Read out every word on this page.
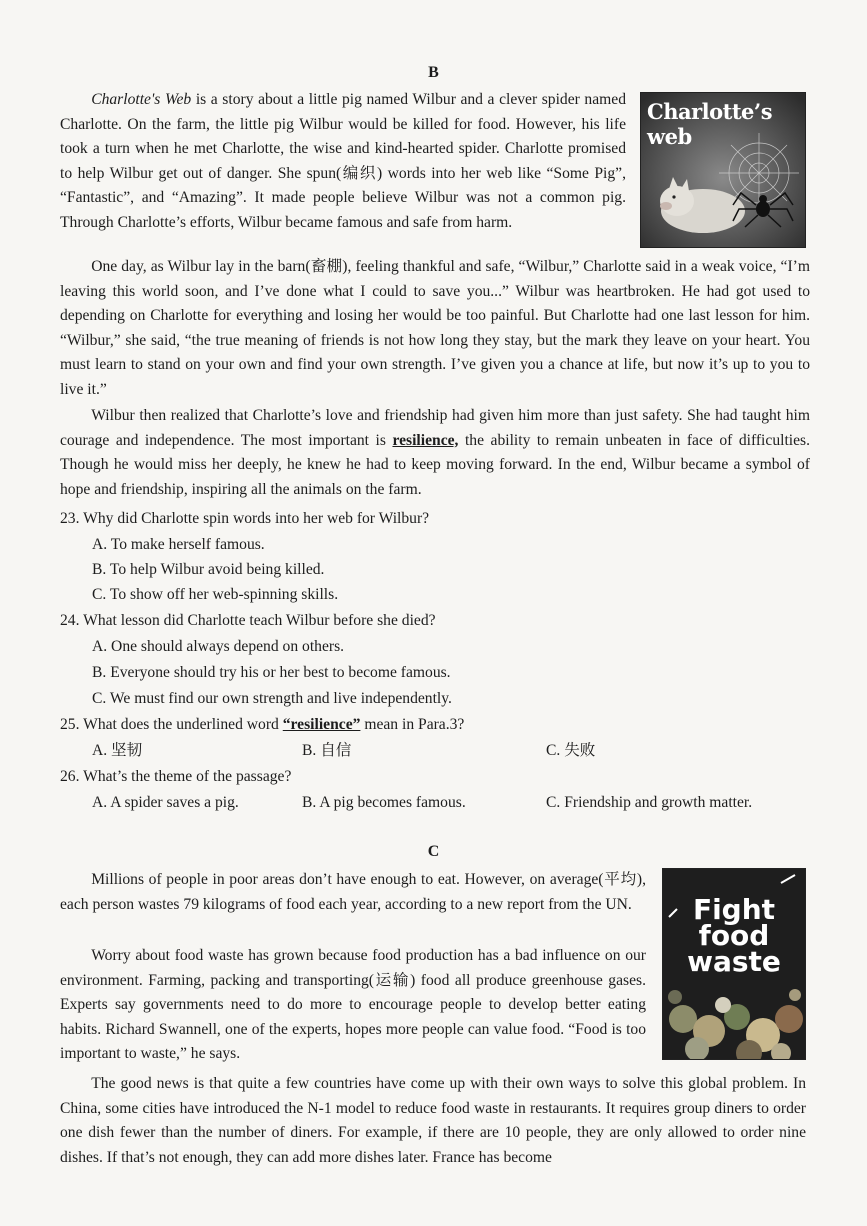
B
Charlotte’s web
Charlotte's Web is a story about a little pig named Wilbur and a clever spider named Charlotte. On the farm, the little pig Wilbur would be killed for food. However, his life took a turn when he met Charlotte, the wise and kind-hearted spider. Charlotte promised to help Wilbur get out of danger. She spun(编织) words into her web like “Some Pig”, “Fantastic”, and “Amazing”. It made people believe Wilbur was not a common pig. Through Charlotte’s efforts, Wilbur became famous and safe from harm.
One day, as Wilbur lay in the barn(畜棚), feeling thankful and safe, “Wilbur,” Charlotte said in a weak voice, “I’m leaving this world soon, and I’ve done what I could to save you...” Wilbur was heartbroken. He had got used to depending on Charlotte for everything and losing her would be too painful. But Charlotte had one last lesson for him. “Wilbur,” she said, “the true meaning of friends is not how long they stay, but the mark they leave on your heart. You must learn to stand on your own and find your own strength. I’ve given you a chance at life, but now it’s up to you to live it.”
Wilbur then realized that Charlotte’s love and friendship had given him more than just safety. She had taught him courage and independence. The most important is resilience, the ability to remain unbeaten in face of difficulties. Though he would miss her deeply, he knew he had to keep moving forward. In the end, Wilbur became a symbol of hope and friendship, inspiring all the animals on the farm.
23. Why did Charlotte spin words into her web for Wilbur?
A. To make herself famous.
B. To help Wilbur avoid being killed.
C. To show off her web-spinning skills.
24. What lesson did Charlotte teach Wilbur before she died?
A. One should always depend on others.
B. Everyone should try his or her best to become famous.
C. We must find our own strength and live independently.
25. What does the underlined word “resilience” mean in Para.3?
A. 坚韧	B. 自信	C. 失败
26. What’s the theme of the passage?
A. A spider saves a pig.	B. A pig becomes famous.	C. Friendship and growth matter.
C
Fight
food
waste
Millions of people in poor areas don’t have enough to eat. However, on average(平均), each person wastes 79 kilograms of food each year, according to a new report from the UN.
Worry about food waste has grown because food production has a bad influence on our environment. Farming, packing and transporting(运输) food all produce greenhouse gases. Experts say governments need to do more to encourage people to develop better eating habits. Richard Swannell, one of the experts, hopes more people can value food. “Food is too important to waste,” he says.
The good news is that quite a few countries have come up with their own ways to solve this global problem. In China, some cities have introduced the N-1 model to reduce food waste in restaurants. It requires group diners to order one dish fewer than the number of diners. For example, if there are 10 people, they are only allowed to order nine dishes. If that’s not enough, they can add more dishes later. France has become
